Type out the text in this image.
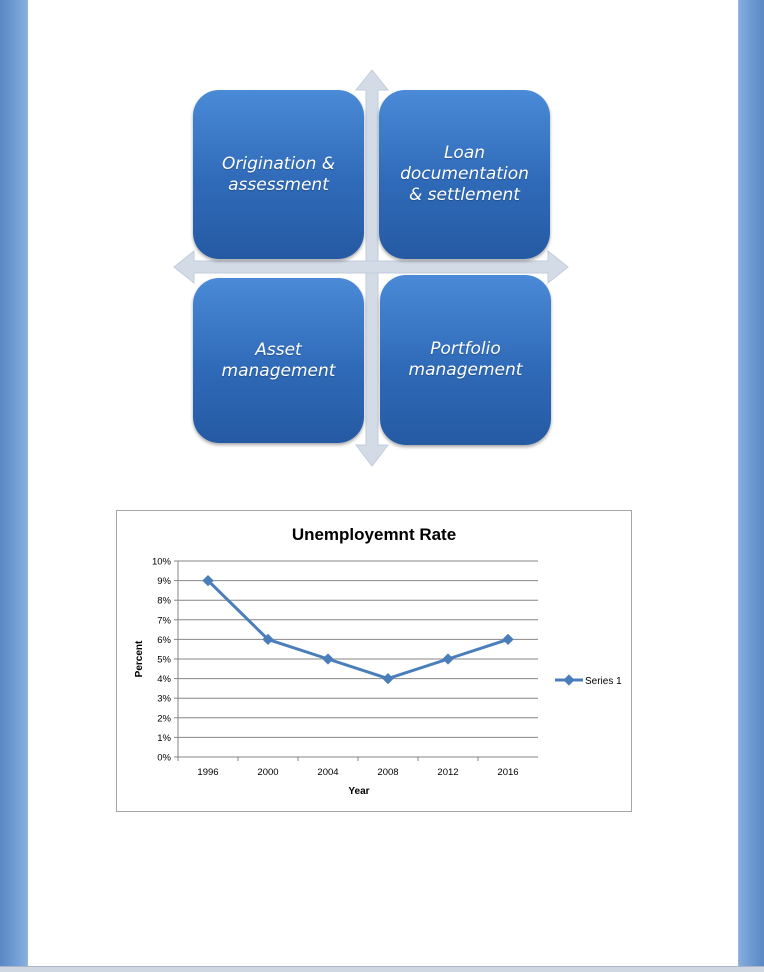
Origination &
assessment
Loan
documentation
& settlement
Asset
management
Portfolio
management
Unemployemnt Rate
Percent
Year
0%
1%
2%
3%
4%
5%
6%
7%
8%
9%
10%
1996	2000	2004	2008	2012	2016
Series 1
